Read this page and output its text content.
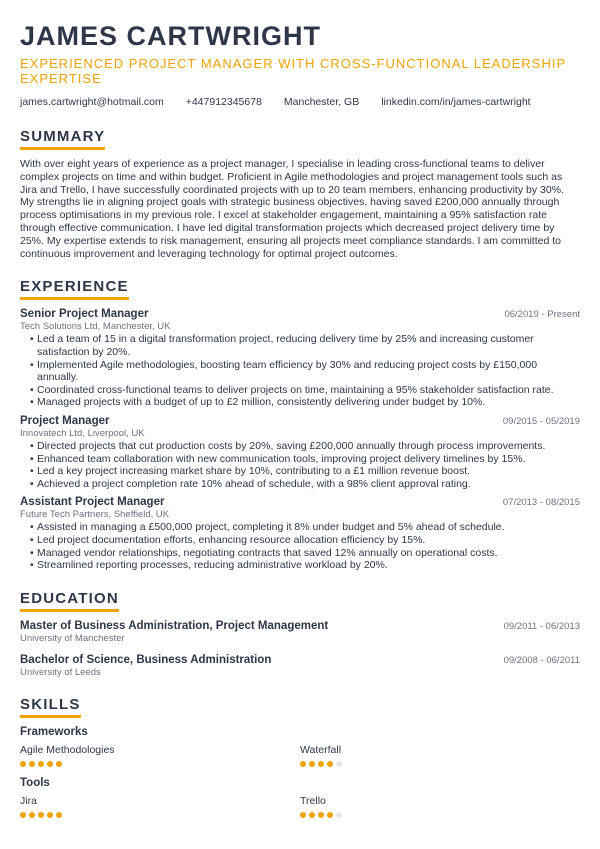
JAMES CARTWRIGHT
EXPERIENCED PROJECT MANAGER WITH CROSS-FUNCTIONAL LEADERSHIP EXPERTISE
james.cartwright@hotmail.com +447912345678 Manchester, GB linkedin.com/in/james-cartwright
SUMMARY
With over eight years of experience as a project manager, I specialise in leading cross-functional teams to deliver complex projects on time and within budget. Proficient in Agile methodologies and project management tools such as Jira and Trello, I have successfully coordinated projects with up to 20 team members, enhancing productivity by 30%. My strengths lie in aligning project goals with strategic business objectives, having saved £200,000 annually through process optimisations in my previous role. I excel at stakeholder engagement, maintaining a 95% satisfaction rate through effective communication. I have led digital transformation projects which decreased project delivery time by 25%. My expertise extends to risk management, ensuring all projects meet compliance standards. I am committed to continuous improvement and leveraging technology for optimal project outcomes.
EXPERIENCE
Senior Project Manager	06/2019 - Present
Tech Solutions Ltd, Manchester, UK
• Led a team of 15 in a digital transformation project, reducing delivery time by 25% and increasing customer satisfaction by 20%.
• Implemented Agile methodologies, boosting team efficiency by 30% and reducing project costs by £150,000 annually.
• Coordinated cross-functional teams to deliver projects on time, maintaining a 95% stakeholder satisfaction rate.
• Managed projects with a budget of up to £2 million, consistently delivering under budget by 10%.
Project Manager	09/2015 - 05/2019
Innovatech Ltd, Liverpool, UK
• Directed projects that cut production costs by 20%, saving £200,000 annually through process improvements.
• Enhanced team collaboration with new communication tools, improving project delivery timelines by 15%.
• Led a key project increasing market share by 10%, contributing to a £1 million revenue boost.
• Achieved a project completion rate 10% ahead of schedule, with a 98% client approval rating.
Assistant Project Manager	07/2013 - 08/2015
Future Tech Partners, Sheffield, UK
• Assisted in managing a £500,000 project, completing it 8% under budget and 5% ahead of schedule.
• Led project documentation efforts, enhancing resource allocation efficiency by 15%.
• Managed vendor relationships, negotiating contracts that saved 12% annually on operational costs.
• Streamlined reporting processes, reducing administrative workload by 20%.
EDUCATION
Master of Business Administration, Project Management	09/2011 - 06/2013
University of Manchester
Bachelor of Science, Business Administration	09/2008 - 06/2011
University of Leeds
SKILLS
Frameworks
Agile Methodologies	Waterfall
Tools
Jira	Trello
